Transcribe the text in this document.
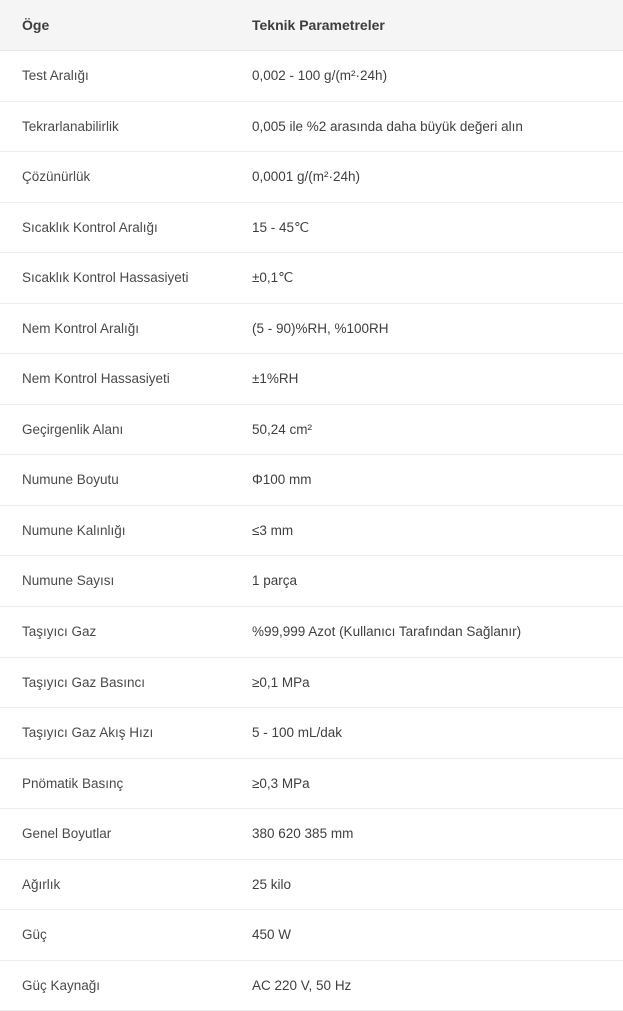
Öge	Teknik Parametreler
Test Aralığı	0,002 - 100 g/(m²·24h)
Tekrarlanabilirlik	0,005 ile %2 arasında daha büyük değeri alın
Çözünürlük	0,0001 g/(m²·24h)
Sıcaklık Kontrol Aralığı	15 - 45℃
Sıcaklık Kontrol Hassasiyeti	±0,1℃
Nem Kontrol Aralığı	(5 - 90)%RH, %100RH
Nem Kontrol Hassasiyeti	±1%RH
Geçirgenlik Alanı	50,24 cm²
Numune Boyutu	Φ100 mm
Numune Kalınlığı	≤3 mm
Numune Sayısı	1 parça
Taşıyıcı Gaz	%99,999 Azot (Kullanıcı Tarafından Sağlanır)
Taşıyıcı Gaz Basıncı	≥0,1 MPa
Taşıyıcı Gaz Akış Hızı	5 - 100 mL/dak
Pnömatik Basınç	≥0,3 MPa
Genel Boyutlar	380 620 385 mm
Ağırlık	25 kilo
Güç	450 W
Güç Kaynağı	AC 220 V, 50 Hz
